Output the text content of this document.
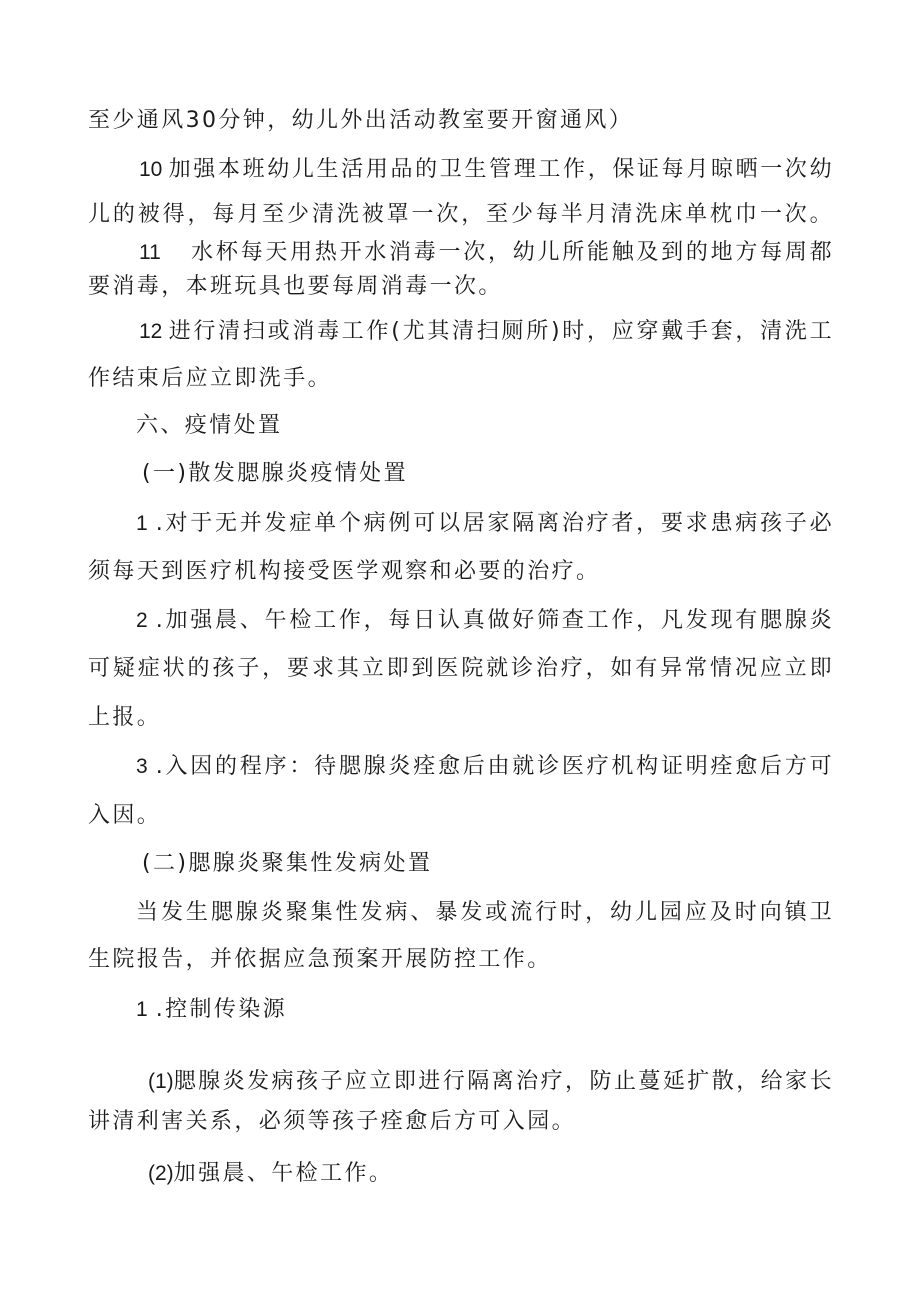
至少通风30分钟，幼儿外出活动教室要开窗通风）
10 加强本班幼儿生活用品的卫生管理工作，保证每月晾晒一次幼
儿的被得，每月至少清洗被罩一次，至少每半月清洗床单枕巾一次。
11 水杯每天用热开水消毒一次，幼儿所能触及到的地方每周都
要消毒，本班玩具也要每周消毒一次。
12 进行清扫或消毒工作(尤其清扫厕所)时，应穿戴手套，清洗工
作结束后应立即洗手。
六、疫情处置
(一)散发腮腺炎疫情处置
1 .对于无并发症单个病例可以居家隔离治疗者，要求患病孩子必
须每天到医疗机构接受医学观察和必要的治疗。
2 .加强晨、午检工作，每日认真做好筛查工作，凡发现有腮腺炎
可疑症状的孩子，要求其立即到医院就诊治疗，如有异常情况应立即
上报。
3 .入因的程序：待腮腺炎痊愈后由就诊医疗机构证明痊愈后方可
入因。
(二)腮腺炎聚集性发病处置
当发生腮腺炎聚集性发病、暴发或流行时，幼儿园应及时向镇卫
生院报告，并依据应急预案开展防控工作。
1 .控制传染源
(1)腮腺炎发病孩子应立即进行隔离治疗，防止蔓延扩散，给家长
讲清利害关系，必须等孩子痊愈后方可入园。
(2)加强晨、午检工作。
